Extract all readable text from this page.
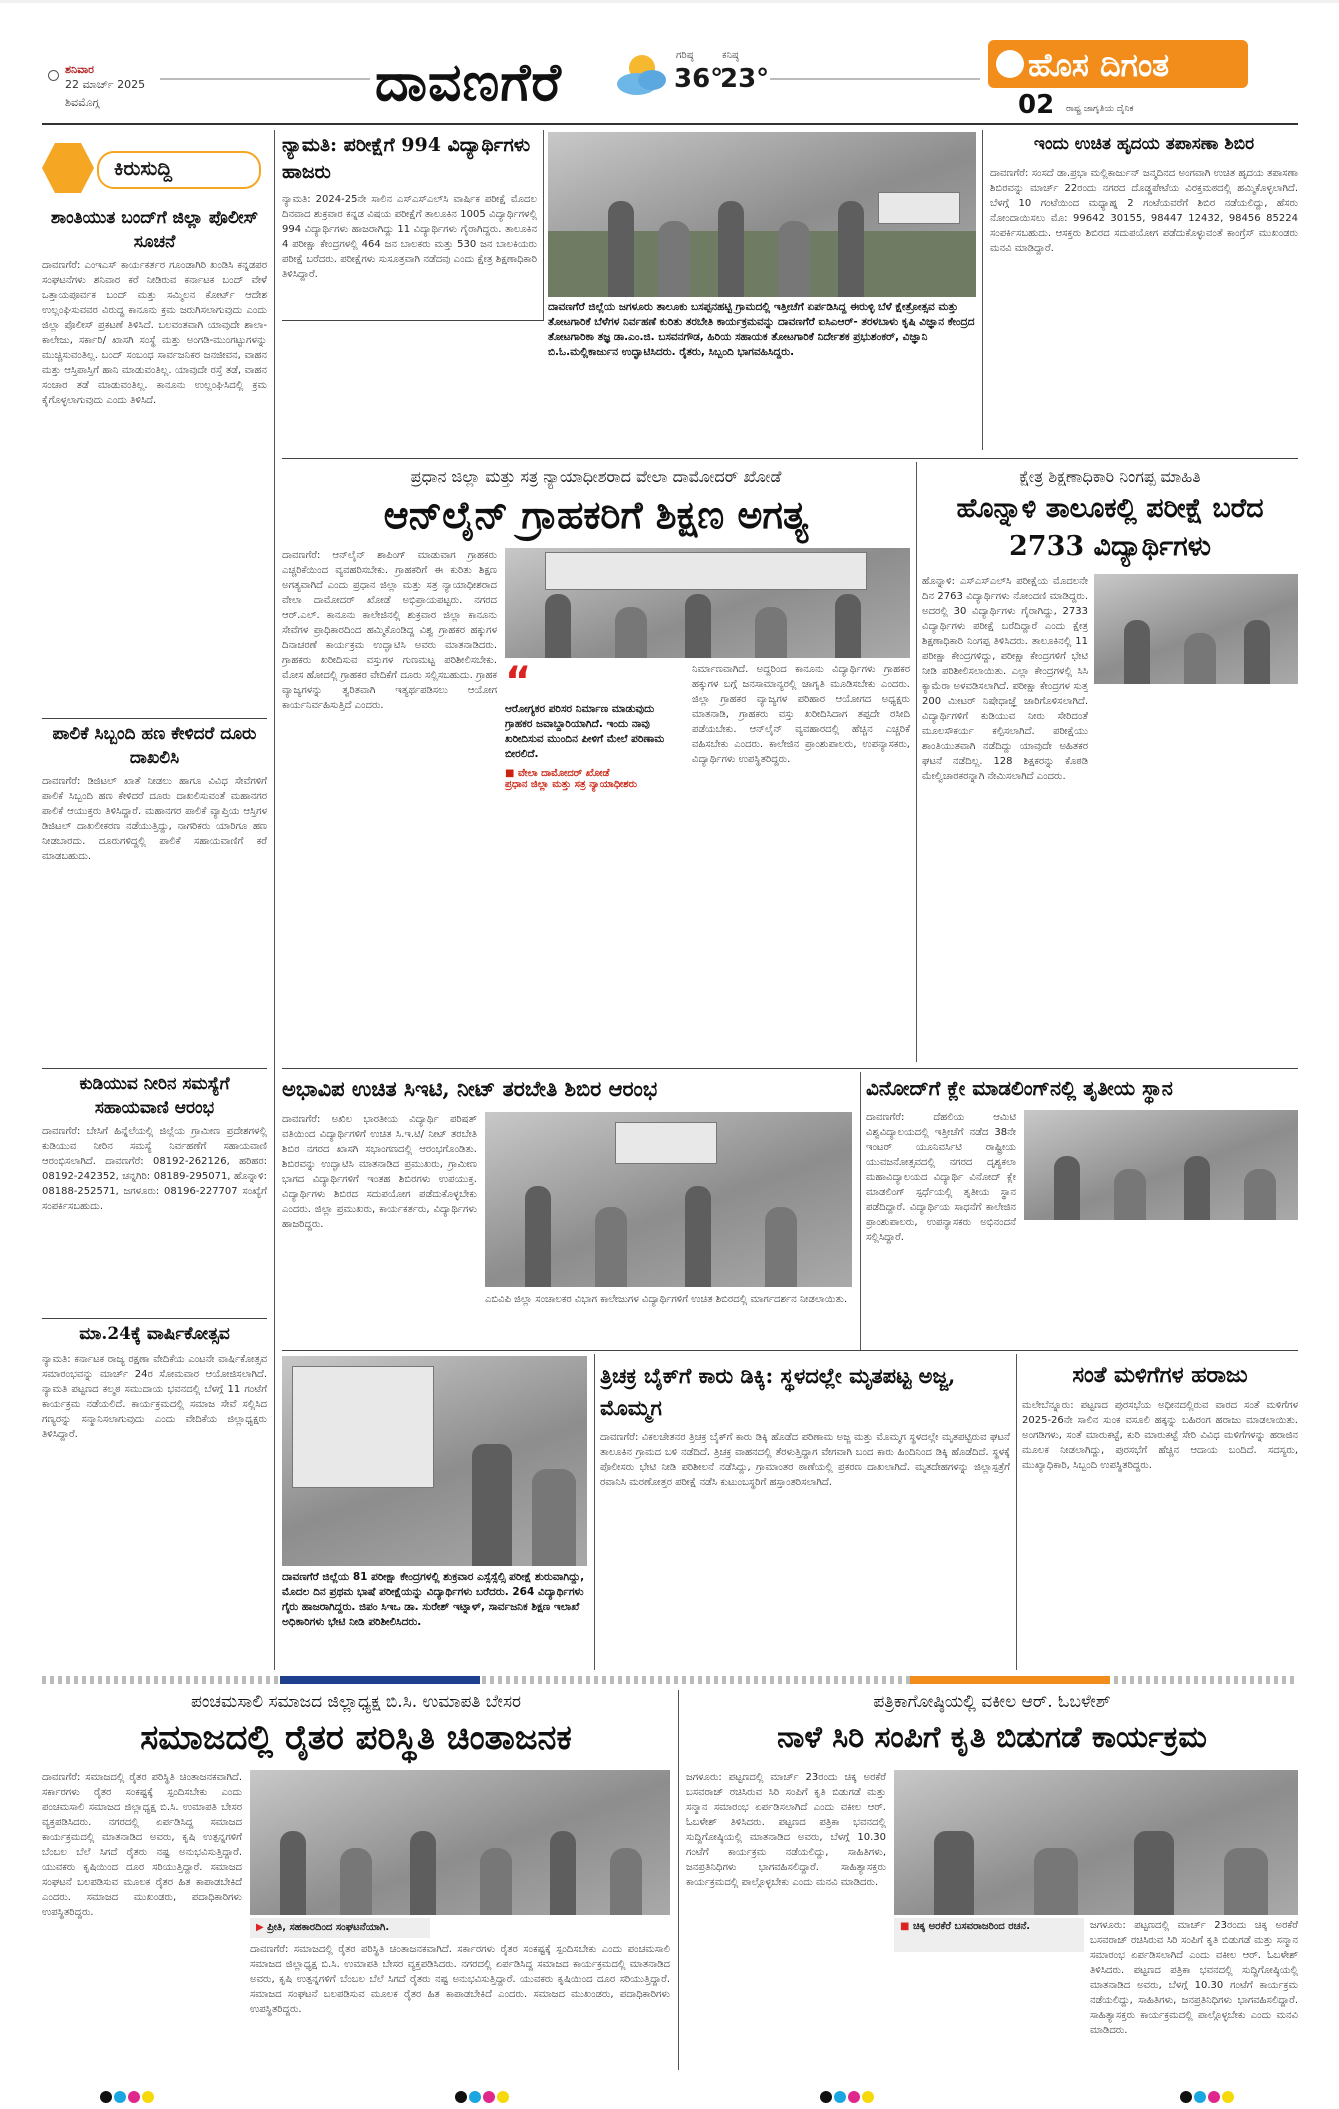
ಶನಿವಾರ
22 ಮಾರ್ಚ್ 2025
ಶಿವಮೊಗ್ಗ	ದಾವಣಗೆರೆ	ಗರಿಷ್ಠ
36°
ಕನಿಷ್ಠ
23°	ಹೊಸ ದಿಗಂತ
02 ರಾಷ್ಟ್ರ ಜಾಗೃತಿಯ ದೈನಿಕ
ಕಿರುಸುದ್ದಿ
ಶಾಂತಿಯುತ ಬಂದ್‌ಗೆ ಜಿಲ್ಲಾ ಪೊಲೀಸ್ ಸೂಚನೆ
ದಾವಣಗೆರೆ: ಎಂಇಎಸ್ ಕಾರ್ಯಕರ್ತರ ಗೂಂಡಾಗಿರಿ ಖಂಡಿಸಿ ಕನ್ನಡಪರ ಸಂಘಟನೆಗಳು ಶನಿವಾರ ಕರೆ ನೀಡಿರುವ ಕರ್ನಾಟಕ ಬಂದ್ ವೇಳೆ ಒತ್ತಾಯಪೂರ್ವಕ ಬಂದ್ ಮತ್ತು ಸಮ್ಮಿಲನ ಕೋರ್ಟ್ ಆದೇಶ ಉಲ್ಲಂಘಿಸುವವರ ವಿರುದ್ಧ ಕಾನೂನು ಕ್ರಮ ಜರುಗಿಸಲಾಗುವುದು ಎಂದು ಜಿಲ್ಲಾ ಪೊಲೀಸ್ ಪ್ರಕಟಣೆ ತಿಳಿಸಿದೆ. ಬಲವಂತವಾಗಿ ಯಾವುದೇ ಶಾಲಾ-ಕಾಲೇಜು, ಸರ್ಕಾರಿ/ ಖಾಸಗಿ ಸಂಸ್ಥೆ ಮತ್ತು ಅಂಗಡಿ-ಮುಂಗಟ್ಟುಗಳನ್ನು ಮುಚ್ಚಿಸುವಂತಿಲ್ಲ. ಬಂದ್ ಸಂಬಂಧ ಸಾರ್ವಜನಿಕರ ಜನಜೀವನ, ವಾಹನ ಮತ್ತು ಆಸ್ತಿಪಾಸ್ತಿಗೆ ಹಾನಿ ಮಾಡುವಂತಿಲ್ಲ. ಯಾವುದೇ ರಸ್ತೆ ತಡೆ, ವಾಹನ ಸಂಚಾರ ತಡೆ ಮಾಡುವಂತಿಲ್ಲ. ಕಾನೂನು ಉಲ್ಲಂಘಿಸಿದಲ್ಲಿ ಕ್ರಮ ಕೈಗೊಳ್ಳಲಾಗುವುದು ಎಂದು ತಿಳಿಸಿದೆ.
ಪಾಲಿಕೆ ಸಿಬ್ಬಂದಿ ಹಣ ಕೇಳಿದರೆ ದೂರು ದಾಖಲಿಸಿ
ದಾವಣಗೆರೆ: ಡಿಜಿಟಲ್ ಖಾತೆ ನೀಡಲು ಹಾಗೂ ವಿವಿಧ ಸೇವೆಗಳಿಗೆ ಪಾಲಿಕೆ ಸಿಬ್ಬಂದಿ ಹಣ ಕೇಳಿದರೆ ದೂರು ದಾಖಲಿಸುವಂತೆ ಮಹಾನಗರ ಪಾಲಿಕೆ ಆಯುಕ್ತರು ತಿಳಿಸಿದ್ದಾರೆ. ಮಹಾನಗರ ಪಾಲಿಕೆ ವ್ಯಾಪ್ತಿಯ ಆಸ್ತಿಗಳ ಡಿಜಿಟಲ್ ದಾಖಲೀಕರಣ ನಡೆಯುತ್ತಿದ್ದು, ನಾಗರಿಕರು ಯಾರಿಗೂ ಹಣ ನೀಡಬಾರದು. ದೂರುಗಳಿದ್ದಲ್ಲಿ ಪಾಲಿಕೆ ಸಹಾಯವಾಣಿಗೆ ಕರೆ ಮಾಡಬಹುದು.
ಕುಡಿಯುವ ನೀರಿನ ಸಮಸ್ಯೆಗೆ ಸಹಾಯವಾಣಿ ಆರಂಭ
ದಾವಣಗೆರೆ: ಬೇಸಿಗೆ ಹಿನ್ನೆಲೆಯಲ್ಲಿ ಜಿಲ್ಲೆಯ ಗ್ರಾಮೀಣ ಪ್ರದೇಶಗಳಲ್ಲಿ ಕುಡಿಯುವ ನೀರಿನ ಸಮಸ್ಯೆ ನಿರ್ವಹಣೆಗೆ ಸಹಾಯವಾಣಿ ಆರಂಭಿಸಲಾಗಿದೆ. ದಾವಣಗೆರೆ: 08192-262126, ಹರಿಹರ: 08192-242352, ಚನ್ನಗಿರಿ: 08189-295071, ಹೊನ್ನಾಳಿ: 08188-252571, ಜಗಳೂರು: 08196-227707 ಸಂಖ್ಯೆಗೆ ಸಂಪರ್ಕಿಸಬಹುದು.
ಮಾ.24ಕ್ಕೆ ವಾರ್ಷಿಕೋತ್ಸವ
ನ್ಯಾಮತಿ: ಕರ್ನಾಟಕ ರಾಜ್ಯ ರಕ್ಷಣಾ ವೇದಿಕೆಯ ಎಂಟನೇ ವಾರ್ಷಿಕೋತ್ಸವ ಸಮಾರಂಭವನ್ನು ಮಾರ್ಚ್ 24ರ ಸೋಮವಾರ ಆಯೋಜಿಸಲಾಗಿದೆ. ನ್ಯಾಮತಿ ಪಟ್ಟಣದ ಕಲ್ಮಠ ಸಮುದಾಯ ಭವನದಲ್ಲಿ ಬೆಳಗ್ಗೆ 11 ಗಂಟೆಗೆ ಕಾರ್ಯಕ್ರಮ ನಡೆಯಲಿದೆ. ಕಾರ್ಯಕ್ರಮದಲ್ಲಿ ಸಮಾಜ ಸೇವೆ ಸಲ್ಲಿಸಿದ ಗಣ್ಯರನ್ನು ಸನ್ಮಾನಿಸಲಾಗುವುದು ಎಂದು ವೇದಿಕೆಯ ಜಿಲ್ಲಾಧ್ಯಕ್ಷರು ತಿಳಿಸಿದ್ದಾರೆ.
ನ್ಯಾಮತಿ: ಪರೀಕ್ಷೆಗೆ 994 ವಿದ್ಯಾರ್ಥಿಗಳು ಹಾಜರು
ನ್ಯಾಮತಿ: 2024-25ನೇ ಸಾಲಿನ ಎಸ್‌ಎಸ್‌ಎಲ್‌ಸಿ ವಾರ್ಷಿಕ ಪರೀಕ್ಷೆ ಮೊದಲ ದಿನವಾದ ಶುಕ್ರವಾರ ಕನ್ನಡ ವಿಷಯ ಪರೀಕ್ಷೆಗೆ ತಾಲೂಕಿನ 1005 ವಿದ್ಯಾರ್ಥಿಗಳಲ್ಲಿ 994 ವಿದ್ಯಾರ್ಥಿಗಳು ಹಾಜರಾಗಿದ್ದು 11 ವಿದ್ಯಾರ್ಥಿಗಳು ಗೈರಾಗಿದ್ದರು. ತಾಲೂಕಿನ 4 ಪರೀಕ್ಷಾ ಕೇಂದ್ರಗಳಲ್ಲಿ 464 ಜನ ಬಾಲಕರು ಮತ್ತು 530 ಜನ ಬಾಲಕಿಯರು ಪರೀಕ್ಷೆ ಬರೆದರು. ಪರೀಕ್ಷೆಗಳು ಸುಸೂತ್ರವಾಗಿ ನಡೆದವು ಎಂದು ಕ್ಷೇತ್ರ ಶಿಕ್ಷಣಾಧಿಕಾರಿ ತಿಳಿಸಿದ್ದಾರೆ.
ದಾವಣಗೆರೆ ಜಿಲ್ಲೆಯ ಜಗಳೂರು ತಾಲೂಕು ಬಸಪ್ಪನಹಟ್ಟಿ ಗ್ರಾಮದಲ್ಲಿ ಇತ್ತೀಚೆಗೆ ಏರ್ಪಡಿಸಿದ್ದ ಈರುಳ್ಳಿ ಬೆಳೆ ಕ್ಷೇತ್ರೋತ್ಸವ ಮತ್ತು ತೋಟಗಾರಿಕೆ ಬೆಳೆಗಳ ನಿರ್ವಹಣೆ ಕುರಿತು ತರಬೇತಿ ಕಾರ್ಯಕ್ರಮವನ್ನು ದಾವಣಗೆರೆ ಐಸಿಎಆರ್- ತರಳಬಾಳು ಕೃಷಿ ವಿಜ್ಞಾನ ಕೇಂದ್ರದ ತೋಟಗಾರಿಕಾ ತಜ್ಞ ಡಾ.ಎಂ.ಜಿ. ಬಸವನಗೌಡ, ಹಿರಿಯ ಸಹಾಯಕ ತೋಟಗಾರಿಕೆ ನಿರ್ದೇಶಕ ಪ್ರಭುಶಂಕರ್, ವಿಜ್ಞಾನಿ ಬಿ.ಓ.ಮಲ್ಲಿಕಾರ್ಜುನ ಉದ್ಘಾಟಿಸಿದರು. ರೈತರು, ಸಿಬ್ಬಂದಿ ಭಾಗವಹಿಸಿದ್ದರು.
ಇಂದು ಉಚಿತ ಹೃದಯ ತಪಾಸಣಾ ಶಿಬಿರ
ದಾವಣಗೆರೆ: ಸಂಸದೆ ಡಾ.ಪ್ರಭಾ ಮಲ್ಲಿಕಾರ್ಜುನ್ ಜನ್ಮದಿನದ ಅಂಗವಾಗಿ ಉಚಿತ ಹೃದಯ ತಪಾಸಣಾ ಶಿಬಿರವನ್ನು ಮಾರ್ಚ್ 22ರಂದು ನಗರದ ದೊಡ್ಡಪೇಟೆಯ ವಿರಕ್ತಮಠದಲ್ಲಿ ಹಮ್ಮಿಕೊಳ್ಳಲಾಗಿದೆ. ಬೆಳಗ್ಗೆ 10 ಗಂಟೆಯಿಂದ ಮಧ್ಯಾಹ್ನ 2 ಗಂಟೆಯವರೆಗೆ ಶಿಬಿರ ನಡೆಯಲಿದ್ದು, ಹೆಸರು ನೋಂದಾಯಿಸಲು ಮೊ: 99642 30155, 98447 12432, 98456 85224 ಸಂಪರ್ಕಿಸಬಹುದು. ಆಸಕ್ತರು ಶಿಬಿರದ ಸದುಪಯೋಗ ಪಡೆದುಕೊಳ್ಳುವಂತೆ ಕಾಂಗ್ರೆಸ್ ಮುಖಂಡರು ಮನವಿ ಮಾಡಿದ್ದಾರೆ.
ಪ್ರಧಾನ ಜಿಲ್ಲಾ ಮತ್ತು ಸತ್ರ ನ್ಯಾಯಾಧೀಶರಾದ ವೇಲಾ ದಾಮೋದರ್ ಖೋಡೆ
ಆನ್‌ಲೈನ್ ಗ್ರಾಹಕರಿಗೆ ಶಿಕ್ಷಣ ಅಗತ್ಯ
ದಾವಣಗೆರೆ: ಆನ್‌ಲೈನ್ ಶಾಪಿಂಗ್ ಮಾಡುವಾಗ ಗ್ರಾಹಕರು ಎಚ್ಚರಿಕೆಯಿಂದ ವ್ಯವಹರಿಸಬೇಕು. ಗ್ರಾಹಕರಿಗೆ ಈ ಕುರಿತು ಶಿಕ್ಷಣ ಅಗತ್ಯವಾಗಿದೆ ಎಂದು ಪ್ರಧಾನ ಜಿಲ್ಲಾ ಮತ್ತು ಸತ್ರ ನ್ಯಾಯಾಧೀಶರಾದ ವೇಲಾ ದಾಮೋದರ್ ಖೋಡೆ ಅಭಿಪ್ರಾಯಪಟ್ಟರು. ನಗರದ ಆರ್.ಎಲ್. ಕಾನೂನು ಕಾಲೇಜಿನಲ್ಲಿ ಶುಕ್ರವಾರ ಜಿಲ್ಲಾ ಕಾನೂನು ಸೇವೆಗಳ ಪ್ರಾಧಿಕಾರದಿಂದ ಹಮ್ಮಿಕೊಂಡಿದ್ದ ವಿಶ್ವ ಗ್ರಾಹಕರ ಹಕ್ಕುಗಳ ದಿನಾಚರಣೆ ಕಾರ್ಯಕ್ರಮ ಉದ್ಘಾಟಿಸಿ ಅವರು ಮಾತನಾಡಿದರು. ಗ್ರಾಹಕರು ಖರೀದಿಸುವ ವಸ್ತುಗಳ ಗುಣಮಟ್ಟ ಪರಿಶೀಲಿಸಬೇಕು. ಮೋಸ ಹೋದಲ್ಲಿ ಗ್ರಾಹಕರ ವೇದಿಕೆಗೆ ದೂರು ಸಲ್ಲಿಸಬಹುದು. ಗ್ರಾಹಕ ವ್ಯಾಜ್ಯಗಳನ್ನು ತ್ವರಿತವಾಗಿ ಇತ್ಯರ್ಥಪಡಿಸಲು ಆಯೋಗ ಕಾರ್ಯನಿರ್ವಹಿಸುತ್ತಿದೆ ಎಂದರು.
“
ಆರೋಗ್ಯಕರ ಪರಿಸರ ನಿರ್ಮಾಣ ಮಾಡುವುದು ಗ್ರಾಹಕರ ಜವಾಬ್ದಾರಿಯಾಗಿದೆ. ಇಂದು ನಾವು ಖರೀದಿಸುವ ಮುಂದಿನ ಪೀಳಿಗೆ ಮೇಲೆ ಪರಿಣಾಮ ಬೀರಲಿದೆ.
■ ವೇಲಾ ದಾಮೋದರ್ ಖೋಡೆ
ಪ್ರಧಾನ ಜಿಲ್ಲಾ ಮತ್ತು ಸತ್ರ ನ್ಯಾಯಾಧೀಶರು
ನಿರ್ಮಾಣವಾಗಿದೆ. ಅದ್ದರಿಂದ ಕಾನೂನು ವಿದ್ಯಾರ್ಥಿಗಳು ಗ್ರಾಹಕರ ಹಕ್ಕುಗಳ ಬಗ್ಗೆ ಜನಸಾಮಾನ್ಯರಲ್ಲಿ ಜಾಗೃತಿ ಮೂಡಿಸಬೇಕು ಎಂದರು. ಜಿಲ್ಲಾ ಗ್ರಾಹಕರ ವ್ಯಾಜ್ಯಗಳ ಪರಿಹಾರ ಆಯೋಗದ ಅಧ್ಯಕ್ಷರು ಮಾತನಾಡಿ, ಗ್ರಾಹಕರು ವಸ್ತು ಖರೀದಿಸಿದಾಗ ತಪ್ಪದೇ ರಸೀದಿ ಪಡೆಯಬೇಕು. ಆನ್‌ಲೈನ್ ವ್ಯವಹಾರದಲ್ಲಿ ಹೆಚ್ಚಿನ ಎಚ್ಚರಿಕೆ ವಹಿಸಬೇಕು ಎಂದರು. ಕಾಲೇಜಿನ ಪ್ರಾಂಶುಪಾಲರು, ಉಪನ್ಯಾಸಕರು, ವಿದ್ಯಾರ್ಥಿಗಳು ಉಪಸ್ಥಿತರಿದ್ದರು.
ಕ್ಷೇತ್ರ ಶಿಕ್ಷಣಾಧಿಕಾರಿ ನಿಂಗಪ್ಪ ಮಾಹಿತಿ
ಹೊನ್ನಾಳಿ ತಾಲೂಕಲ್ಲಿ ಪರೀಕ್ಷೆ ಬರೆದ 2733 ವಿದ್ಯಾರ್ಥಿಗಳು
ಹೊನ್ನಾಳಿ: ಎಸ್‌ಎಸ್‌ಎಲ್‌ಸಿ ಪರೀಕ್ಷೆಯ ಮೊದಲನೇ ದಿನ 2763 ವಿದ್ಯಾರ್ಥಿಗಳು ನೋಂದಣಿ ಮಾಡಿದ್ದರು. ಅದರಲ್ಲಿ 30 ವಿದ್ಯಾರ್ಥಿಗಳು ಗೈರಾಗಿದ್ದು, 2733 ವಿದ್ಯಾರ್ಥಿಗಳು ಪರೀಕ್ಷೆ ಬರೆದಿದ್ದಾರೆ ಎಂದು ಕ್ಷೇತ್ರ ಶಿಕ್ಷಣಾಧಿಕಾರಿ ನಿಂಗಪ್ಪ ತಿಳಿಸಿದರು. ತಾಲೂಕಿನಲ್ಲಿ 11 ಪರೀಕ್ಷಾ ಕೇಂದ್ರಗಳಿದ್ದು, ಪರೀಕ್ಷಾ ಕೇಂದ್ರಗಳಿಗೆ ಭೇಟಿ ನೀಡಿ ಪರಿಶೀಲಿಸಲಾಯಿತು. ಎಲ್ಲಾ ಕೇಂದ್ರಗಳಲ್ಲಿ ಸಿಸಿ ಕ್ಯಾಮೆರಾ ಅಳವಡಿಸಲಾಗಿದೆ. ಪರೀಕ್ಷಾ ಕೇಂದ್ರಗಳ ಸುತ್ತ 200 ಮೀಟರ್ ನಿಷೇಧಾಜ್ಞೆ ಜಾರಿಗೊಳಿಸಲಾಗಿದೆ. ವಿದ್ಯಾರ್ಥಿಗಳಿಗೆ ಕುಡಿಯುವ ನೀರು ಸೇರಿದಂತೆ ಮೂಲಸೌಕರ್ಯ ಕಲ್ಪಿಸಲಾಗಿದೆ. ಪರೀಕ್ಷೆಯು ಶಾಂತಿಯುತವಾಗಿ ನಡೆದಿದ್ದು ಯಾವುದೇ ಅಹಿತಕರ ಘಟನೆ ನಡೆದಿಲ್ಲ. 128 ಶಿಕ್ಷಕರನ್ನು ಕೊಠಡಿ ಮೇಲ್ವಿಚಾರಕರನ್ನಾಗಿ ನೇಮಿಸಲಾಗಿದೆ ಎಂದರು.
ಅಭಾವಿಪ ಉಚಿತ ಸಿಇಟಿ, ನೀಟ್ ತರಬೇತಿ ಶಿಬಿರ ಆರಂಭ
ದಾವಣಗೆರೆ: ಅಖಿಲ ಭಾರತೀಯ ವಿದ್ಯಾರ್ಥಿ ಪರಿಷತ್ ವತಿಯಿಂದ ವಿದ್ಯಾರ್ಥಿಗಳಿಗೆ ಉಚಿತ ಸಿ.ಇ.ಟಿ/ ನೀಟ್ ತರಬೇತಿ ಶಿಬಿರ ನಗರದ ಖಾಸಗಿ ಸಭಾಂಗಣದಲ್ಲಿ ಆರಂಭಗೊಂಡಿತು. ಶಿಬಿರವನ್ನು ಉದ್ಘಾಟಿಸಿ ಮಾತನಾಡಿದ ಪ್ರಮುಖರು, ಗ್ರಾಮೀಣ ಭಾಗದ ವಿದ್ಯಾರ್ಥಿಗಳಿಗೆ ಇಂತಹ ಶಿಬಿರಗಳು ಉಪಯುಕ್ತ. ವಿದ್ಯಾರ್ಥಿಗಳು ಶಿಬಿರದ ಸದುಪಯೋಗ ಪಡೆದುಕೊಳ್ಳಬೇಕು ಎಂದರು. ಜಿಲ್ಲಾ ಪ್ರಮುಖರು, ಕಾರ್ಯಕರ್ತರು, ವಿದ್ಯಾರ್ಥಿಗಳು ಹಾಜರಿದ್ದರು.
ಎಬಿವಿಪಿ ಜಿಲ್ಲಾ ಸಂಚಾಲಕರ ವಿಭಾಗ ಕಾಲೇಜುಗಳ ವಿದ್ಯಾರ್ಥಿಗಳಿಗೆ ಉಚಿತ ಶಿಬಿರದಲ್ಲಿ ಮಾರ್ಗದರ್ಶನ ನೀಡಲಾಯಿತು.
ವಿನೋದ್‌ಗೆ ಕ್ಲೇ ಮಾಡಲಿಂಗ್‌ನಲ್ಲಿ ತೃತೀಯ ಸ್ಥಾನ
ದಾವಣಗೆರೆ: ದೆಹಲಿಯ ಆಮಿಟಿ ವಿಶ್ವವಿದ್ಯಾಲಯದಲ್ಲಿ ಇತ್ತೀಚೆಗೆ ನಡೆದ 38ನೇ ಇಂಟರ್ ಯೂನಿವರ್ಸಿಟಿ ರಾಷ್ಟ್ರೀಯ ಯುವಜನೋತ್ಸವದಲ್ಲಿ ನಗರದ ದೃಶ್ಯಕಲಾ ಮಹಾವಿದ್ಯಾಲಯದ ವಿದ್ಯಾರ್ಥಿ ವಿನೋದ್ ಕ್ಲೇ ಮಾಡಲಿಂಗ್ ಸ್ಪರ್ಧೆಯಲ್ಲಿ ತೃತೀಯ ಸ್ಥಾನ ಪಡೆದಿದ್ದಾರೆ. ವಿದ್ಯಾರ್ಥಿಯ ಸಾಧನೆಗೆ ಕಾಲೇಜಿನ ಪ್ರಾಂಶುಪಾಲರು, ಉಪನ್ಯಾಸಕರು ಅಭಿನಂದನೆ ಸಲ್ಲಿಸಿದ್ದಾರೆ.
ದಾವಣಗೆರೆ ಜಿಲ್ಲೆಯ 81 ಪರೀಕ್ಷಾ ಕೇಂದ್ರಗಳಲ್ಲಿ ಶುಕ್ರವಾರ ಎಸ್ಸೆಸ್ಸೆಲ್ಸಿ ಪರೀಕ್ಷೆ ಶುರುವಾಗಿದ್ದು, ಮೊದಲ ದಿನ ಪ್ರಥಮ ಭಾಷೆ ಪರೀಕ್ಷೆಯನ್ನು ವಿದ್ಯಾರ್ಥಿಗಳು ಬರೆದರು. 264 ವಿದ್ಯಾರ್ಥಿಗಳು ಗೈರು ಹಾಜರಾಗಿದ್ದರು. ಜಿಪಂ ಸಿಇಒ ಡಾ. ಸುರೇಶ್ ಇಟ್ನಾಳ್, ಸಾರ್ವಜನಿಕ ಶಿಕ್ಷಣ ಇಲಾಖೆ ಅಧಿಕಾರಿಗಳು ಭೇಟಿ ನೀಡಿ ಪರಿಶೀಲಿಸಿದರು.
ತ್ರಿಚಕ್ರ ಬೈಕ್‌ಗೆ ಕಾರು ಡಿಕ್ಕಿ: ಸ್ಥಳದಲ್ಲೇ ಮೃತಪಟ್ಟ ಅಜ್ಜ, ಮೊಮ್ಮಗ
ದಾವಣಗೆರೆ: ವಿಕಲಚೇತನರ ತ್ರಿಚಕ್ರ ಬೈಕ್‌ಗೆ ಕಾರು ಡಿಕ್ಕಿ ಹೊಡೆದ ಪರಿಣಾಮ ಅಜ್ಜ ಮತ್ತು ಮೊಮ್ಮಗ ಸ್ಥಳದಲ್ಲೇ ಮೃತಪಟ್ಟಿರುವ ಘಟನೆ ತಾಲೂಕಿನ ಗ್ರಾಮದ ಬಳಿ ನಡೆದಿದೆ. ತ್ರಿಚಕ್ರ ವಾಹನದಲ್ಲಿ ತೆರಳುತ್ತಿದ್ದಾಗ ವೇಗವಾಗಿ ಬಂದ ಕಾರು ಹಿಂದಿನಿಂದ ಡಿಕ್ಕಿ ಹೊಡೆದಿದೆ. ಸ್ಥಳಕ್ಕೆ ಪೊಲೀಸರು ಭೇಟಿ ನೀಡಿ ಪರಿಶೀಲನೆ ನಡೆಸಿದ್ದು, ಗ್ರಾಮಾಂತರ ಠಾಣೆಯಲ್ಲಿ ಪ್ರಕರಣ ದಾಖಲಾಗಿದೆ. ಮೃತದೇಹಗಳನ್ನು ಜಿಲ್ಲಾಸ್ಪತ್ರೆಗೆ ರವಾನಿಸಿ ಮರಣೋತ್ತರ ಪರೀಕ್ಷೆ ನಡೆಸಿ ಕುಟುಂಬಸ್ಥರಿಗೆ ಹಸ್ತಾಂತರಿಸಲಾಗಿದೆ.
ಸಂತೆ ಮಳಿಗೆಗಳ ಹರಾಜು
ಮಲೇಬೆನ್ನೂರು: ಪಟ್ಟಣದ ಪುರಸಭೆಯ ಅಧೀನದಲ್ಲಿರುವ ವಾರದ ಸಂತೆ ಮಳಿಗೆಗಳ 2025-26ನೇ ಸಾಲಿನ ಸುಂಕ ವಸೂಲಿ ಹಕ್ಕನ್ನು ಬಹಿರಂಗ ಹರಾಜು ಮಾಡಲಾಯಿತು. ಅಂಗಡಿಗಳು, ಸಂತೆ ಮಾರುಕಟ್ಟೆ, ಕುರಿ ಮಾರುಕಟ್ಟೆ ಸೇರಿ ವಿವಿಧ ಮಳಿಗೆಗಳನ್ನು ಹರಾಜಿನ ಮೂಲಕ ನೀಡಲಾಗಿದ್ದು, ಪುರಸಭೆಗೆ ಹೆಚ್ಚಿನ ಆದಾಯ ಬಂದಿದೆ. ಸದಸ್ಯರು, ಮುಖ್ಯಾಧಿಕಾರಿ, ಸಿಬ್ಬಂದಿ ಉಪಸ್ಥಿತರಿದ್ದರು.
ಪಂಚಮಸಾಲಿ ಸಮಾಜದ ಜಿಲ್ಲಾಧ್ಯಕ್ಷ ಬಿ.ಸಿ. ಉಮಾಪತಿ ಬೇಸರ
ಸಮಾಜದಲ್ಲಿ ರೈತರ ಪರಿಸ್ಥಿತಿ ಚಿಂತಾಜನಕ
ದಾವಣಗೆರೆ: ಸಮಾಜದಲ್ಲಿ ರೈತರ ಪರಿಸ್ಥಿತಿ ಚಿಂತಾಜನಕವಾಗಿದೆ. ಸರ್ಕಾರಗಳು ರೈತರ ಸಂಕಷ್ಟಕ್ಕೆ ಸ್ಪಂದಿಸಬೇಕು ಎಂದು ಪಂಚಮಸಾಲಿ ಸಮಾಜದ ಜಿಲ್ಲಾಧ್ಯಕ್ಷ ಬಿ.ಸಿ. ಉಮಾಪತಿ ಬೇಸರ ವ್ಯಕ್ತಪಡಿಸಿದರು. ನಗರದಲ್ಲಿ ಏರ್ಪಡಿಸಿದ್ದ ಸಮಾಜದ ಕಾರ್ಯಕ್ರಮದಲ್ಲಿ ಮಾತನಾಡಿದ ಅವರು, ಕೃಷಿ ಉತ್ಪನ್ನಗಳಿಗೆ ಬೆಂಬಲ ಬೆಲೆ ಸಿಗದೆ ರೈತರು ನಷ್ಟ ಅನುಭವಿಸುತ್ತಿದ್ದಾರೆ. ಯುವಕರು ಕೃಷಿಯಿಂದ ದೂರ ಸರಿಯುತ್ತಿದ್ದಾರೆ. ಸಮಾಜದ ಸಂಘಟನೆ ಬಲಪಡಿಸುವ ಮೂಲಕ ರೈತರ ಹಿತ ಕಾಪಾಡಬೇಕಿದೆ ಎಂದರು. ಸಮಾಜದ ಮುಖಂಡರು, ಪದಾಧಿಕಾರಿಗಳು ಉಪಸ್ಥಿತರಿದ್ದರು.
▶ ಪ್ರೀತಿ, ಸಹಕಾರದಿಂದ ಸಂಘಟನೆಯಾಗಿ.
ದಾವಣಗೆರೆ: ಸಮಾಜದಲ್ಲಿ ರೈತರ ಪರಿಸ್ಥಿತಿ ಚಿಂತಾಜನಕವಾಗಿದೆ. ಸರ್ಕಾರಗಳು ರೈತರ ಸಂಕಷ್ಟಕ್ಕೆ ಸ್ಪಂದಿಸಬೇಕು ಎಂದು ಪಂಚಮಸಾಲಿ ಸಮಾಜದ ಜಿಲ್ಲಾಧ್ಯಕ್ಷ ಬಿ.ಸಿ. ಉಮಾಪತಿ ಬೇಸರ ವ್ಯಕ್ತಪಡಿಸಿದರು. ನಗರದಲ್ಲಿ ಏರ್ಪಡಿಸಿದ್ದ ಸಮಾಜದ ಕಾರ್ಯಕ್ರಮದಲ್ಲಿ ಮಾತನಾಡಿದ ಅವರು, ಕೃಷಿ ಉತ್ಪನ್ನಗಳಿಗೆ ಬೆಂಬಲ ಬೆಲೆ ಸಿಗದೆ ರೈತರು ನಷ್ಟ ಅನುಭವಿಸುತ್ತಿದ್ದಾರೆ. ಯುವಕರು ಕೃಷಿಯಿಂದ ದೂರ ಸರಿಯುತ್ತಿದ್ದಾರೆ. ಸಮಾಜದ ಸಂಘಟನೆ ಬಲಪಡಿಸುವ ಮೂಲಕ ರೈತರ ಹಿತ ಕಾಪಾಡಬೇಕಿದೆ ಎಂದರು. ಸಮಾಜದ ಮುಖಂಡರು, ಪದಾಧಿಕಾರಿಗಳು ಉಪಸ್ಥಿತರಿದ್ದರು.
ಪತ್ರಿಕಾಗೋಷ್ಠಿಯಲ್ಲಿ ವಕೀಲ ಆರ್. ಓಬಳೇಶ್
ನಾಳೆ ಸಿರಿ ಸಂಪಿಗೆ ಕೃತಿ ಬಿಡುಗಡೆ ಕಾರ್ಯಕ್ರಮ
ಜಗಳೂರು: ಪಟ್ಟಣದಲ್ಲಿ ಮಾರ್ಚ್ 23ರಂದು ಚಿಕ್ಕ ಅರಕೆರೆ ಬಸವರಾಜ್ ರಚಿಸಿರುವ ಸಿರಿ ಸಂಪಿಗೆ ಕೃತಿ ಬಿಡುಗಡೆ ಮತ್ತು ಸನ್ಮಾನ ಸಮಾರಂಭ ಏರ್ಪಡಿಸಲಾಗಿದೆ ಎಂದು ವಕೀಲ ಆರ್. ಓಬಳೇಶ್ ತಿಳಿಸಿದರು. ಪಟ್ಟಣದ ಪತ್ರಿಕಾ ಭವನದಲ್ಲಿ ಸುದ್ದಿಗೋಷ್ಠಿಯಲ್ಲಿ ಮಾತನಾಡಿದ ಅವರು, ಬೆಳಗ್ಗೆ 10.30 ಗಂಟೆಗೆ ಕಾರ್ಯಕ್ರಮ ನಡೆಯಲಿದ್ದು, ಸಾಹಿತಿಗಳು, ಜನಪ್ರತಿನಿಧಿಗಳು ಭಾಗವಹಿಸಲಿದ್ದಾರೆ. ಸಾಹಿತ್ಯಾಸಕ್ತರು ಕಾರ್ಯಕ್ರಮದಲ್ಲಿ ಪಾಲ್ಗೊಳ್ಳಬೇಕು ಎಂದು ಮನವಿ ಮಾಡಿದರು.
■ ಚಿಕ್ಕ ಅರಕೆರೆ ಬಸವರಾಜರಿಂದ ರಚನೆ.	ಜಗಳೂರು: ಪಟ್ಟಣದಲ್ಲಿ ಮಾರ್ಚ್ 23ರಂದು ಚಿಕ್ಕ ಅರಕೆರೆ ಬಸವರಾಜ್ ರಚಿಸಿರುವ ಸಿರಿ ಸಂಪಿಗೆ ಕೃತಿ ಬಿಡುಗಡೆ ಮತ್ತು ಸನ್ಮಾನ ಸಮಾರಂಭ ಏರ್ಪಡಿಸಲಾಗಿದೆ ಎಂದು ವಕೀಲ ಆರ್. ಓಬಳೇಶ್ ತಿಳಿಸಿದರು. ಪಟ್ಟಣದ ಪತ್ರಿಕಾ ಭವನದಲ್ಲಿ ಸುದ್ದಿಗೋಷ್ಠಿಯಲ್ಲಿ ಮಾತನಾಡಿದ ಅವರು, ಬೆಳಗ್ಗೆ 10.30 ಗಂಟೆಗೆ ಕಾರ್ಯಕ್ರಮ ನಡೆಯಲಿದ್ದು, ಸಾಹಿತಿಗಳು, ಜನಪ್ರತಿನಿಧಿಗಳು ಭಾಗವಹಿಸಲಿದ್ದಾರೆ. ಸಾಹಿತ್ಯಾಸಕ್ತರು ಕಾರ್ಯಕ್ರಮದಲ್ಲಿ ಪಾಲ್ಗೊಳ್ಳಬೇಕು ಎಂದು ಮನವಿ ಮಾಡಿದರು.
